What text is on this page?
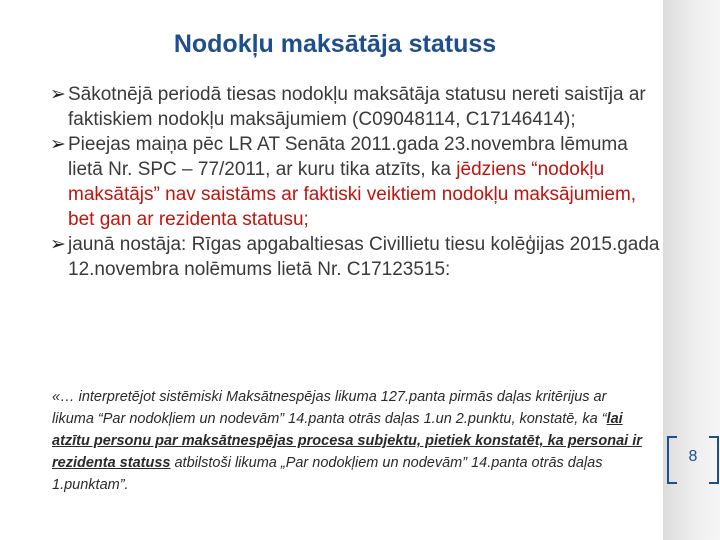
Nodokļu maksātāja statuss
➢ Sākotnējā periodā tiesas nodokļu maksātāja statusu nereti saistīja ar faktiskiem nodokļu maksājumiem (C09048114, C17146414);
➢ Pieejas maiņa pēc LR AT Senāta 2011.gada 23.novembra lēmuma lietā Nr. SPC – 77/2011, ar kuru tika atzīts, ka jēdziens “nodokļu maksātājs” nav saistāms ar faktiski veiktiem nodokļu maksājumiem, bet gan ar rezidenta statusu;
➢ jaunā nostāja: Rīgas apgabaltiesas Civillietu tiesu kolēģijas 2015.gada 12.novembra nolēmums lietā Nr. C17123515:

«… interpretējot sistēmiski Maksātnespējas likuma 127.panta pirmās daļas kritērijus ar likuma “Par nodokļiem un nodevām” 14.panta otrās daļas 1.un 2.punktu, konstatē, ka “lai atzītu personu par maksātnespējas procesa subjektu, pietiek konstatēt, ka personai ir rezidenta statuss atbilstoši likuma „Par nodokļiem un nodevām” 14.panta otrās daļas 1.punktam”.

8
